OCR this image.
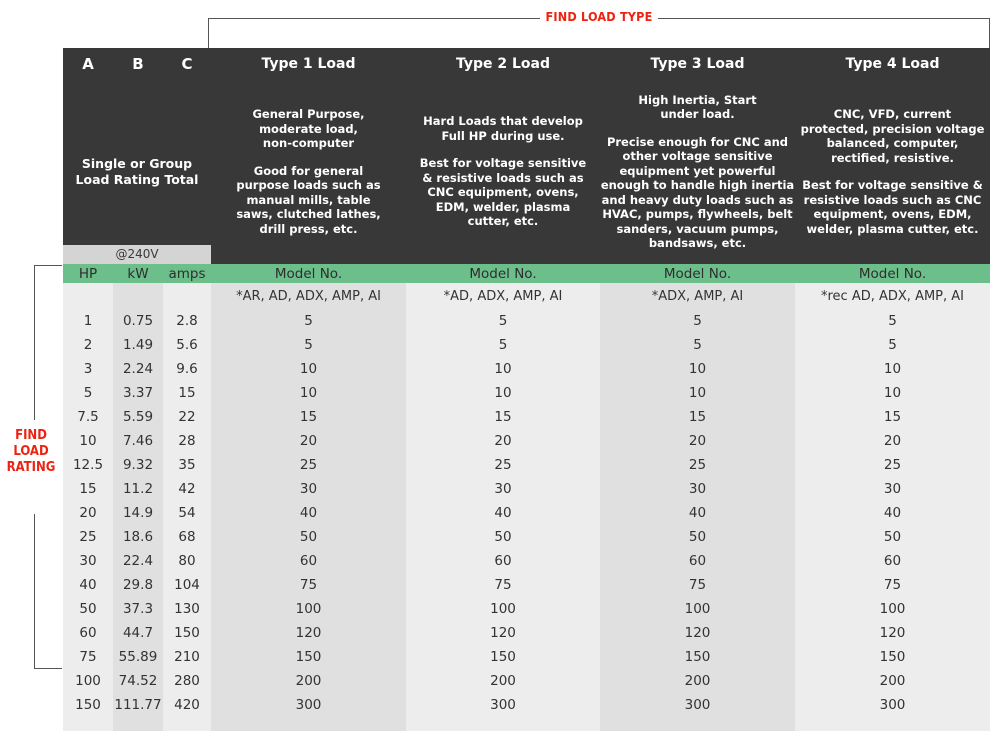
FIND LOAD TYPE
FIND
LOAD
RATING
A	B	C	Type 1 Load	Type 2 Load	Type 3 Load	Type 4 Load

Single or Group
Load Rating Total
@240V

General Purpose,
moderate load,
non-computer
Good for general
purpose loads such as
manual mills, table
saws, clutched lathes,
drill press, etc.

Hard Loads that develop
Full HP during use.
Best for voltage sensitive
& resistive loads such as
CNC equipment, ovens,
EDM, welder, plasma
cutter, etc.

High Inertia, Start
under load.
Precise enough for CNC and
other voltage sensitive
equipment yet powerful
enough to handle high inertia
and heavy duty loads such as
HVAC, pumps, flywheels, belt
sanders, vacuum pumps,
bandsaws, etc.

CNC, VFD, current
protected, precision voltage
balanced, computer,
rectified, resistive.
Best for voltage sensitive &
resistive loads such as CNC
equipment, ovens, EDM,
welder, plasma cutter, etc.

HP	kW	amps	Model No.	Model No.	Model No.	Model No.
			*AR, AD, ADX, AMP, AI	*AD, ADX, AMP, AI	*ADX, AMP, AI	*rec AD, ADX, AMP, AI
1	0.75	2.8	5	5	5	5
2	1.49	5.6	5	5	5	5
3	2.24	9.6	10	10	10	10
5	3.37	15	10	10	10	10
7.5	5.59	22	15	15	15	15
10	7.46	28	20	20	20	20
12.5	9.32	35	25	25	25	25
15	11.2	42	30	30	30	30
20	14.9	54	40	40	40	40
25	18.6	68	50	50	50	50
30	22.4	80	60	60	60	60
40	29.8	104	75	75	75	75
50	37.3	130	100	100	100	100
60	44.7	150	120	120	120	120
75	55.89	210	150	150	150	150
100	74.52	280	200	200	200	200
150	111.77	420	300	300	300	300
